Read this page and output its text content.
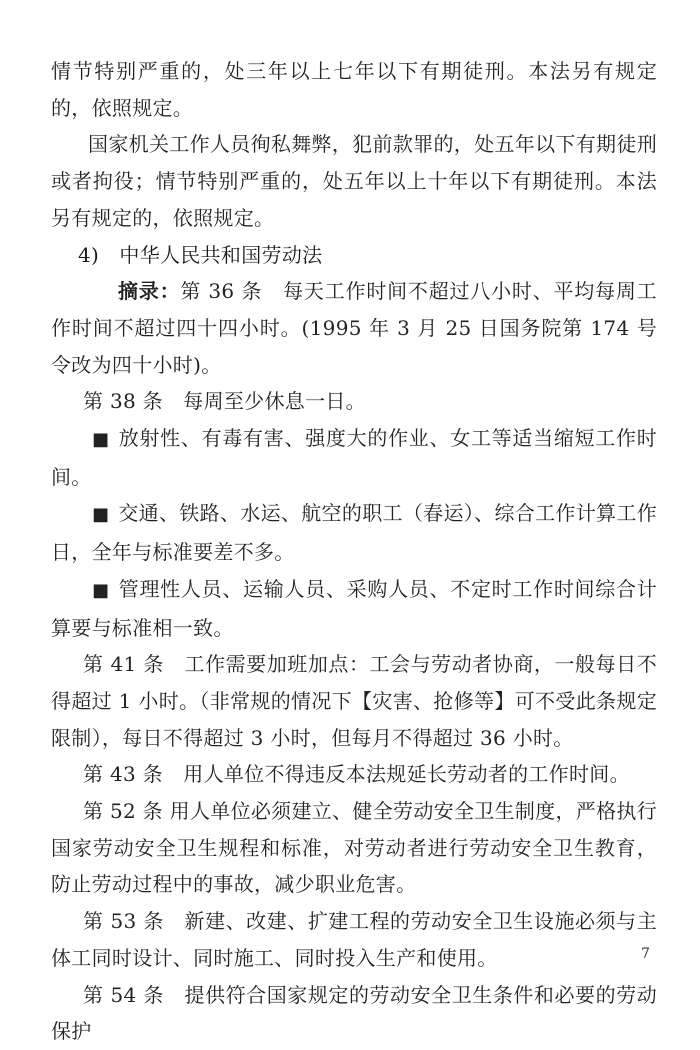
情节特别严重的，处三年以上七年以下有期徒刑。本法另有规定的，依照规定。

国家机关工作人员徇私舞弊，犯前款罪的，处五年以下有期徒刑或者拘役；情节特别严重的，处五年以上十年以下有期徒刑。本法另有规定的，依照规定。

4)　中华人民共和国劳动法

摘录：第 36 条　每天工作时间不超过八小时、平均每周工作时间不超过四十四小时。(1995 年 3 月 25 日国务院第 174 号令改为四十小时)。

第 38 条　每周至少休息一日。

■ 放射性、有毒有害、强度大的作业、女工等适当缩短工作时间。

■ 交通、铁路、水运、航空的职工（春运）、综合工作计算工作日，全年与标准要差不多。

■ 管理性人员、运输人员、采购人员、不定时工作时间综合计算要与标准相一致。

第 41 条　工作需要加班加点：工会与劳动者协商，一般每日不得超过 1 小时。（非常规的情况下【灾害、抢修等】可不受此条规定限制），每日不得超过 3 小时，但每月不得超过 36 小时。

第 43 条　用人单位不得违反本法规延长劳动者的工作时间。

第 52 条 用人单位必须建立、健全劳动安全卫生制度，严格执行国家劳动安全卫生规程和标准，对劳动者进行劳动安全卫生教育，防止劳动过程中的事故，减少职业危害。

第 53 条　新建、改建、扩建工程的劳动安全卫生设施必须与主体工同时设计、同时施工、同时投入生产和使用。

第 54 条　提供符合国家规定的劳动安全卫生条件和必要的劳动保护

7
